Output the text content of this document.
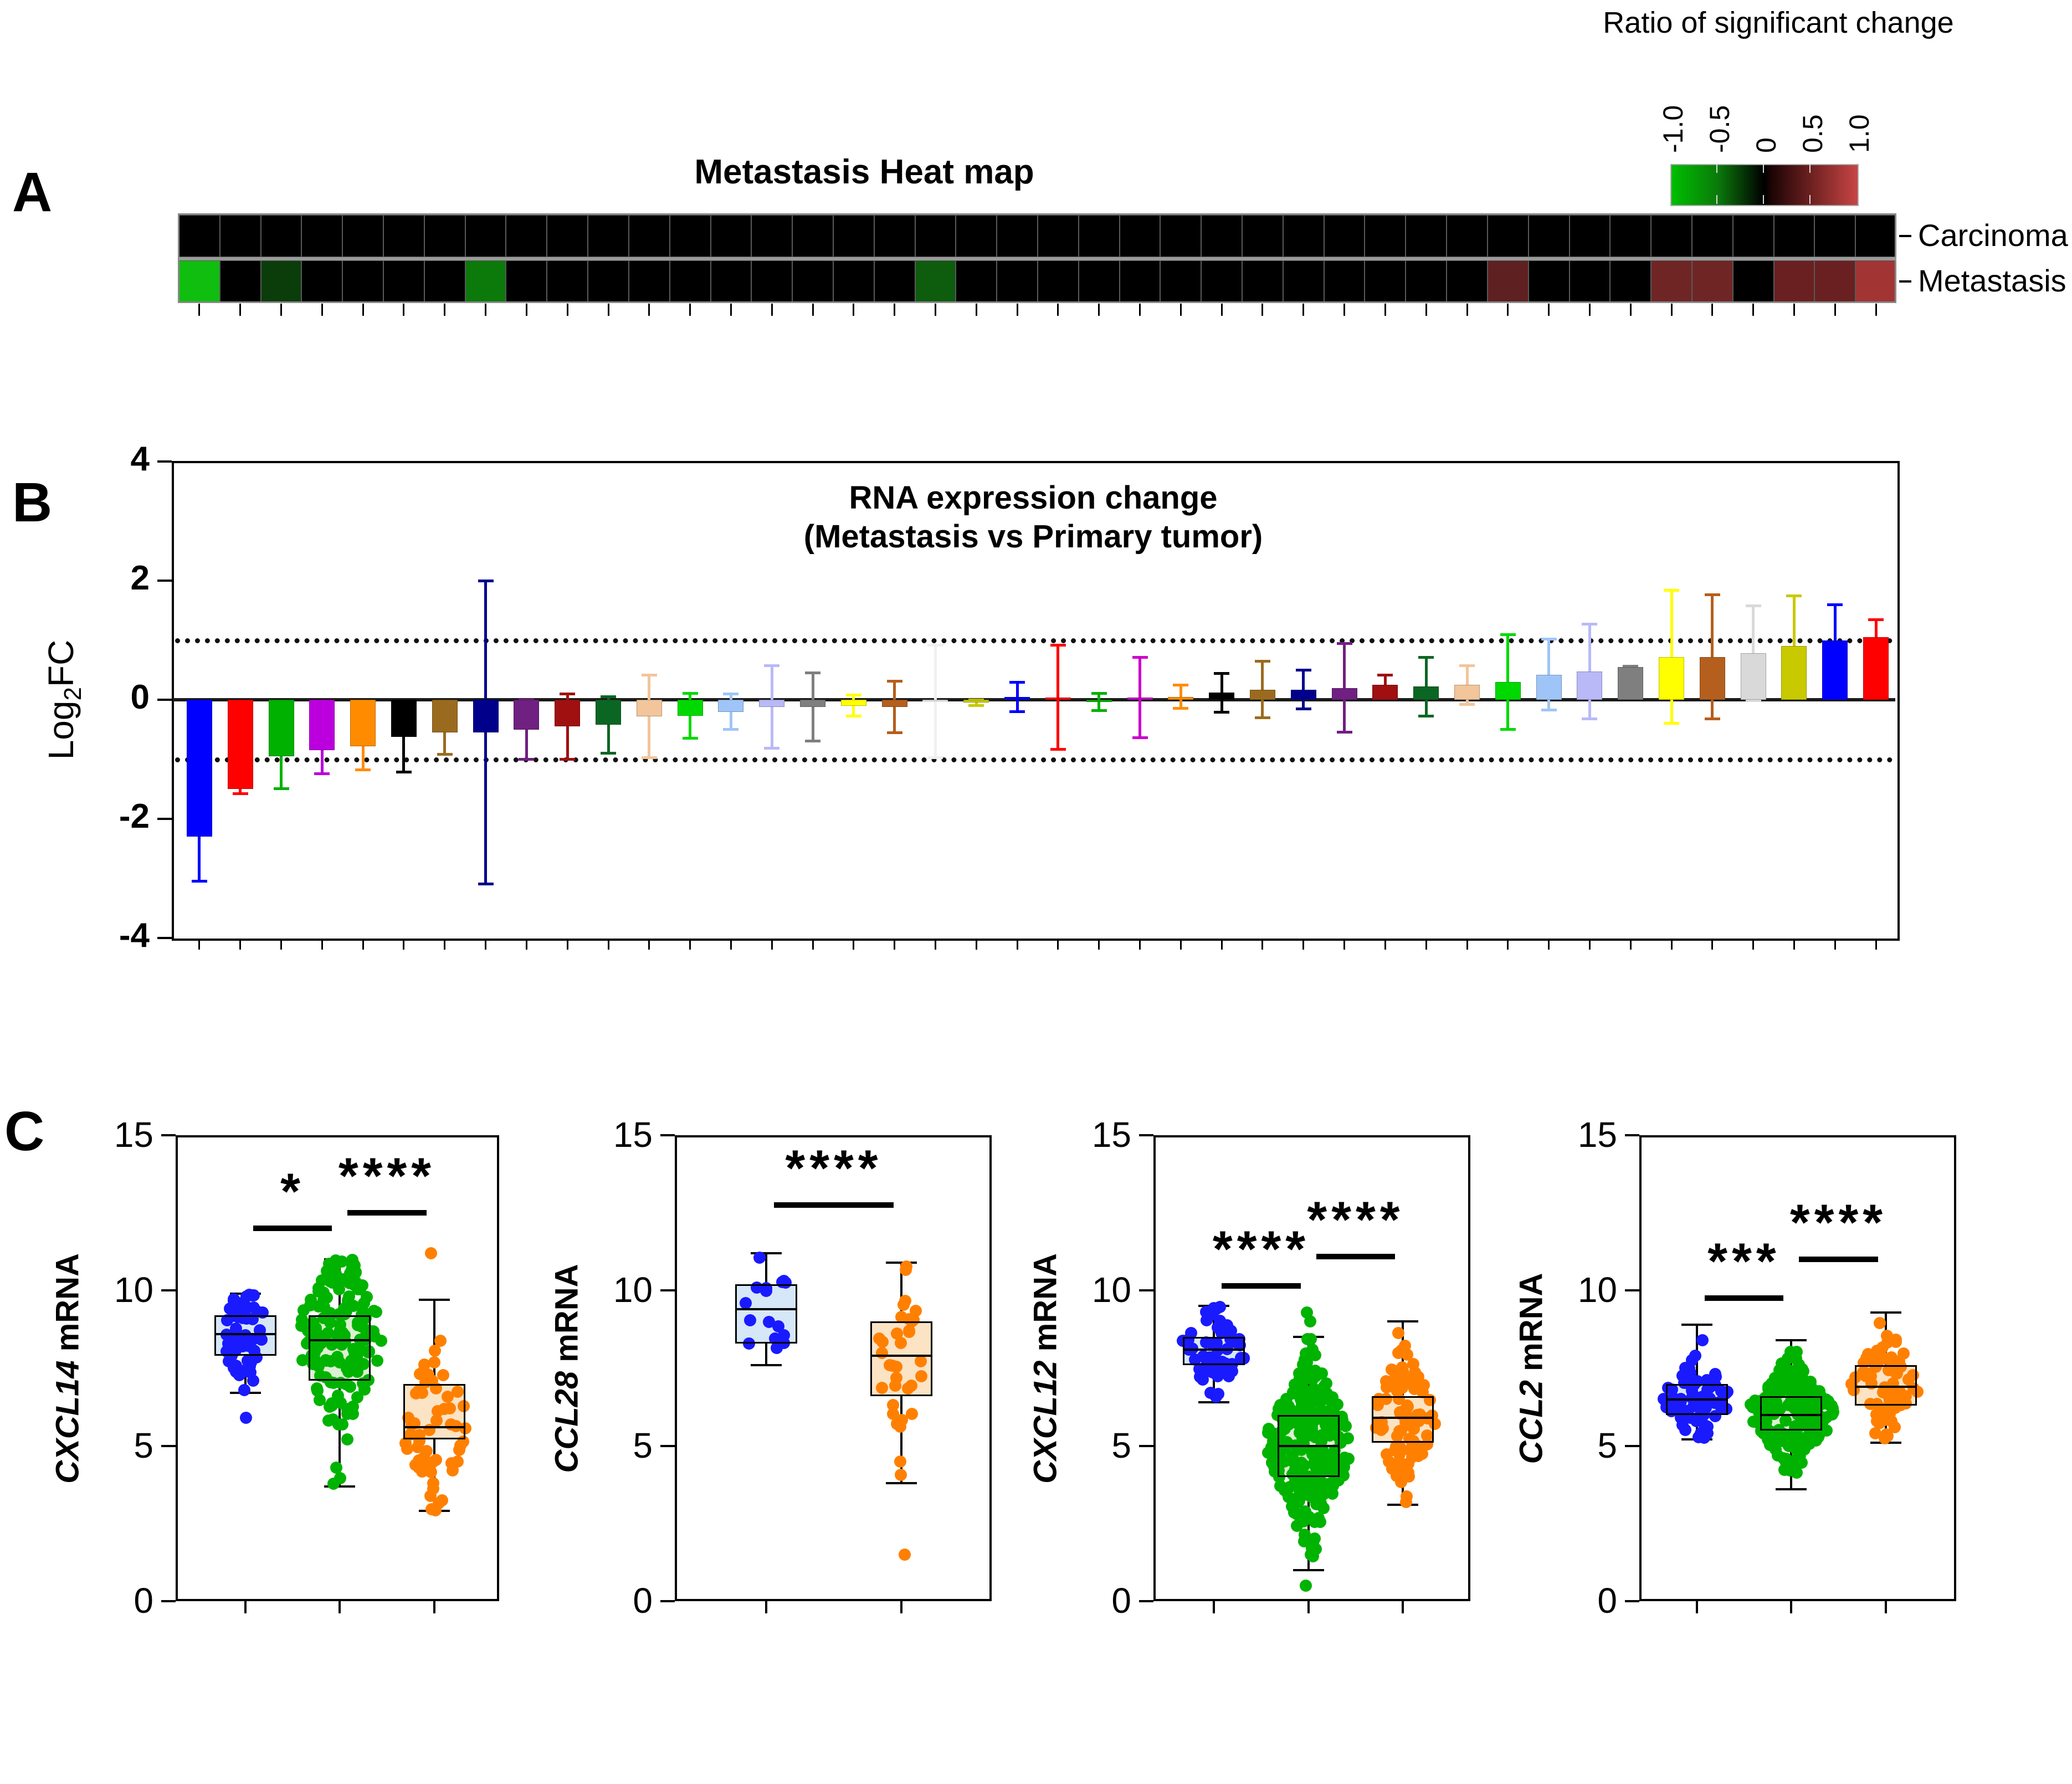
A
B
C
Metastasis Heat map
Ratio of significant change
Carcinoma
Metastasis
-1.0 -0.5 0 0.5 1.0
RNA expression change
(Metastasis vs Primary tumor)
Log$_2$FC
4
2
0
-2
-4
0
5
10
15
CXCL14 mRNA
* ****
0
5
10
15
CCL28 mRNA
****
0
5
10
15
CXCL12 mRNA
****
****
0
5
10
15
CCL2 mRNA
***
****
